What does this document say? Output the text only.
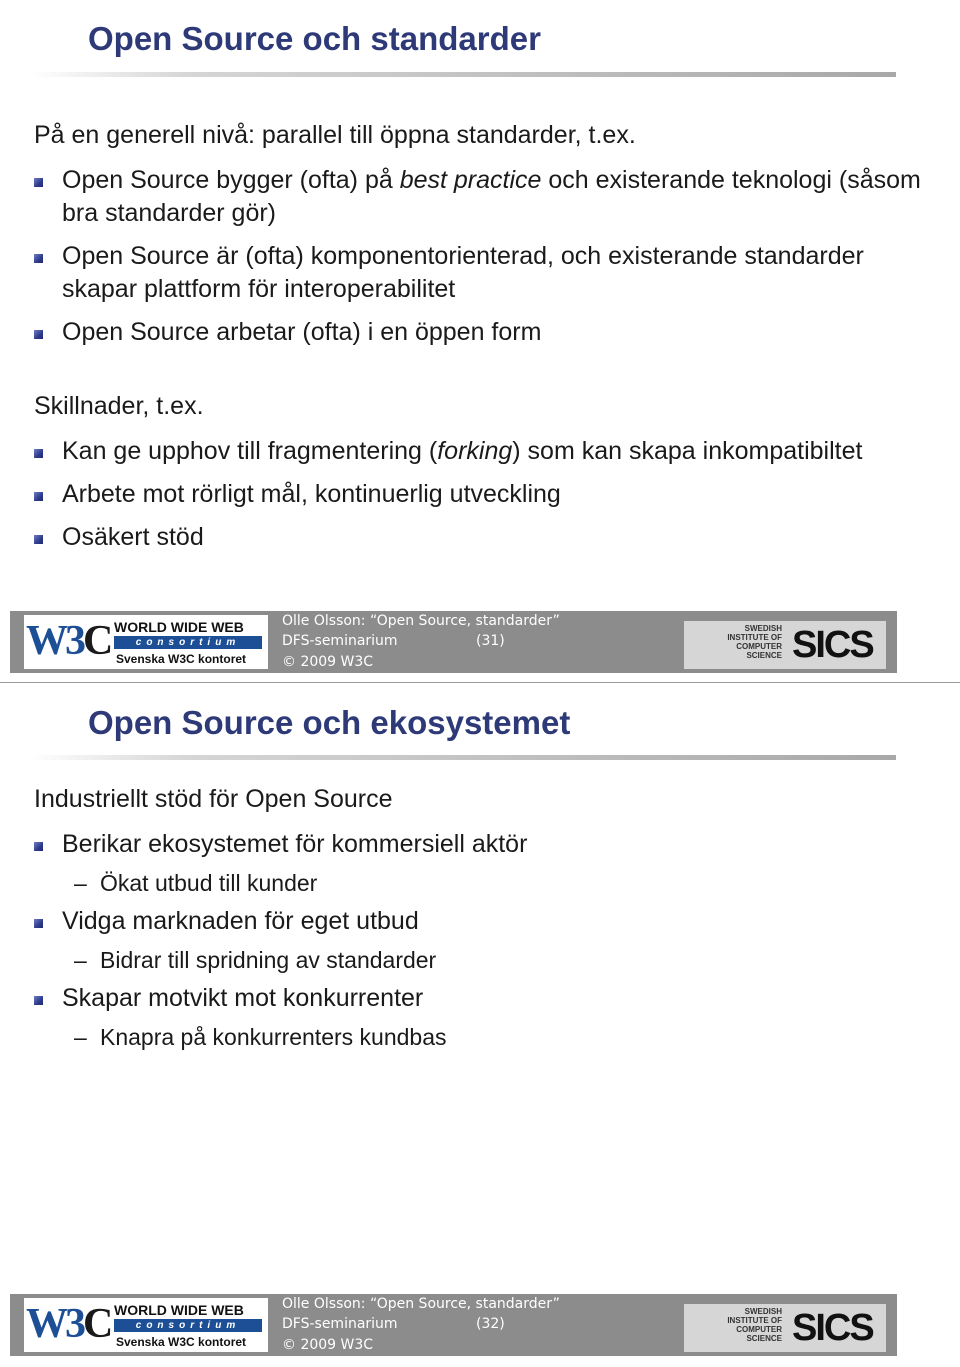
Open Source och standarder

På en generell nivå: parallel till öppna standarder, t.ex.

Open Source bygger (ofta) på best practice och existerande teknologi (såsom bra standarder gör)
Open Source är (ofta) komponentorienterad, och existerande standarder skapar plattform för interoperabilitet
Open Source arbetar (ofta) i en öppen form

Skillnader, t.ex.

Kan ge upphov till fragmentering (forking) som kan skapa inkompatibiltet
Arbete mot rörligt mål, kontinuerlig utveckling
Osäkert stöd
W3C WORLD WIDE WEB
consortium
Svenska W3C kontoret
Olle Olsson: “Open Source, standarder”
DFS-seminarium	(31)
© 2009 W3C
SWEDISH
INSTITUTE OF
COMPUTER
SCIENCE SICS
Open Source och ekosystemet

Industriellt stöd för Open Source

Berikar ekosystemet för kommersiell aktör

– Ökat utbud till kunder

Vidga marknaden för eget utbud

– Bidrar till spridning av standarder

Skapar motvikt mot konkurrenter

– Knapra på konkurrenters kundbas

W3C WORLD WIDE WEB
consortium
Svenska W3C kontoret
Olle Olsson: “Open Source, standarder”
DFS-seminarium	(32)
© 2009 W3C
SWEDISH
INSTITUTE OF
COMPUTER
SCIENCE SICS
